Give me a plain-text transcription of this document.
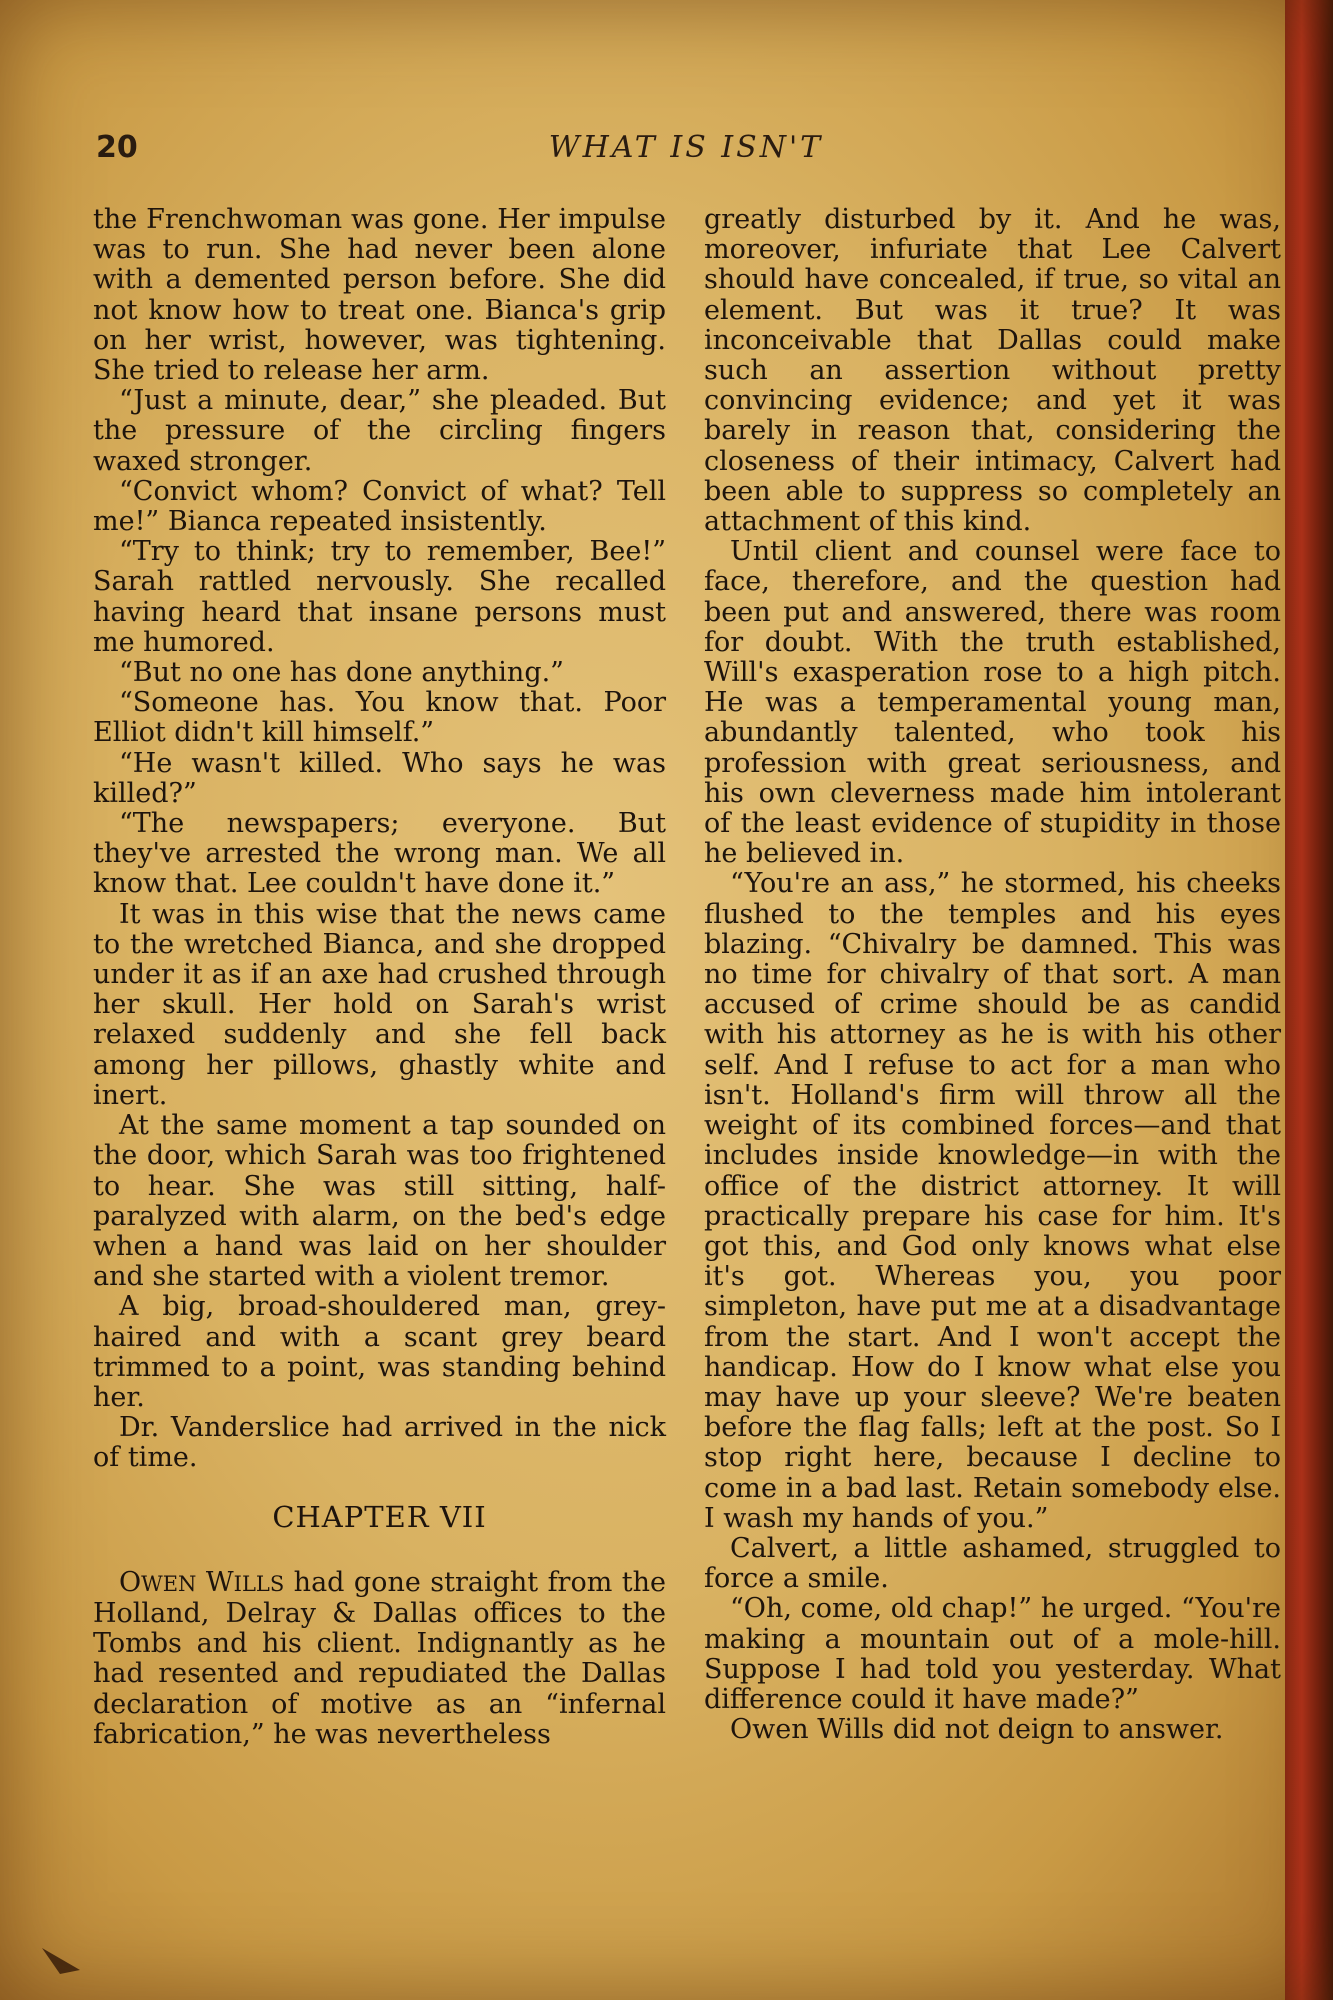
20	WHAT IS ISN'T

the Frenchwoman was gone. Her impulse was to run. She had never been alone with a demented person before. She did not know how to treat one. Bianca's grip on her wrist, however, was tightening. She tried to release her arm.

“Just a minute, dear,” she pleaded. But the pressure of the circling fingers waxed stronger.

“Convict whom? Convict of what? Tell me!” Bianca repeated insistently.

“Try to think; try to remember, Bee!” Sarah rattled nervously. She recalled having heard that insane persons must me humored.

“But no one has done anything.”

“Someone has. You know that. Poor Elliot didn't kill himself.”

“He wasn't killed. Who says he was killed?”

“The newspapers; everyone. But they've arrested the wrong man. We all know that. Lee couldn't have done it.”

It was in this wise that the news came to the wretched Bianca, and she dropped under it as if an axe had crushed through her skull. Her hold on Sarah's wrist relaxed suddenly and she fell back among her pillows, ghastly white and inert.

At the same moment a tap sounded on the door, which Sarah was too frightened to hear. She was still sitting, half-paralyzed with alarm, on the bed's edge when a hand was laid on her shoulder and she started with a violent tremor.

A big, broad-shouldered man, grey-haired and with a scant grey beard trimmed to a point, was standing behind her.

Dr. Vanderslice had arrived in the nick of time.

CHAPTER VII

OWEN WILLS had gone straight from the Holland, Delray & Dallas offices to the Tombs and his client. Indignantly as he had resented and repudiated the Dallas declaration of motive as an “infernal fabrication,” he was nevertheless

greatly disturbed by it. And he was, moreover, infuriate that Lee Calvert should have concealed, if true, so vital an element. But was it true? It was inconceivable that Dallas could make such an assertion without pretty convincing evidence; and yet it was barely in reason that, considering the closeness of their intimacy, Calvert had been able to suppress so completely an attachment of this kind.

Until client and counsel were face to face, therefore, and the question had been put and answered, there was room for doubt. With the truth established, Will's exasperation rose to a high pitch. He was a temperamental young man, abundantly talented, who took his profession with great seriousness, and his own cleverness made him intolerant of the least evidence of stupidity in those he believed in.

“You're an ass,” he stormed, his cheeks flushed to the temples and his eyes blazing. “Chivalry be damned. This was no time for chivalry of that sort. A man accused of crime should be as candid with his attorney as he is with his other self. And I refuse to act for a man who isn't. Holland's firm will throw all the weight of its combined forces—and that includes inside knowledge—in with the office of the district attorney. It will practically prepare his case for him. It's got this, and God only knows what else it's got. Whereas you, you poor simpleton, have put me at a disadvantage from the start. And I won't accept the handicap. How do I know what else you may have up your sleeve? We're beaten before the flag falls; left at the post. So I stop right here, because I decline to come in a bad last. Retain somebody else. I wash my hands of you.”

Calvert, a little ashamed, struggled to force a smile.

“Oh, come, old chap!” he urged. “You're making a mountain out of a mole-hill. Suppose I had told you yesterday. What difference could it have made?”

Owen Wills did not deign to answer.
